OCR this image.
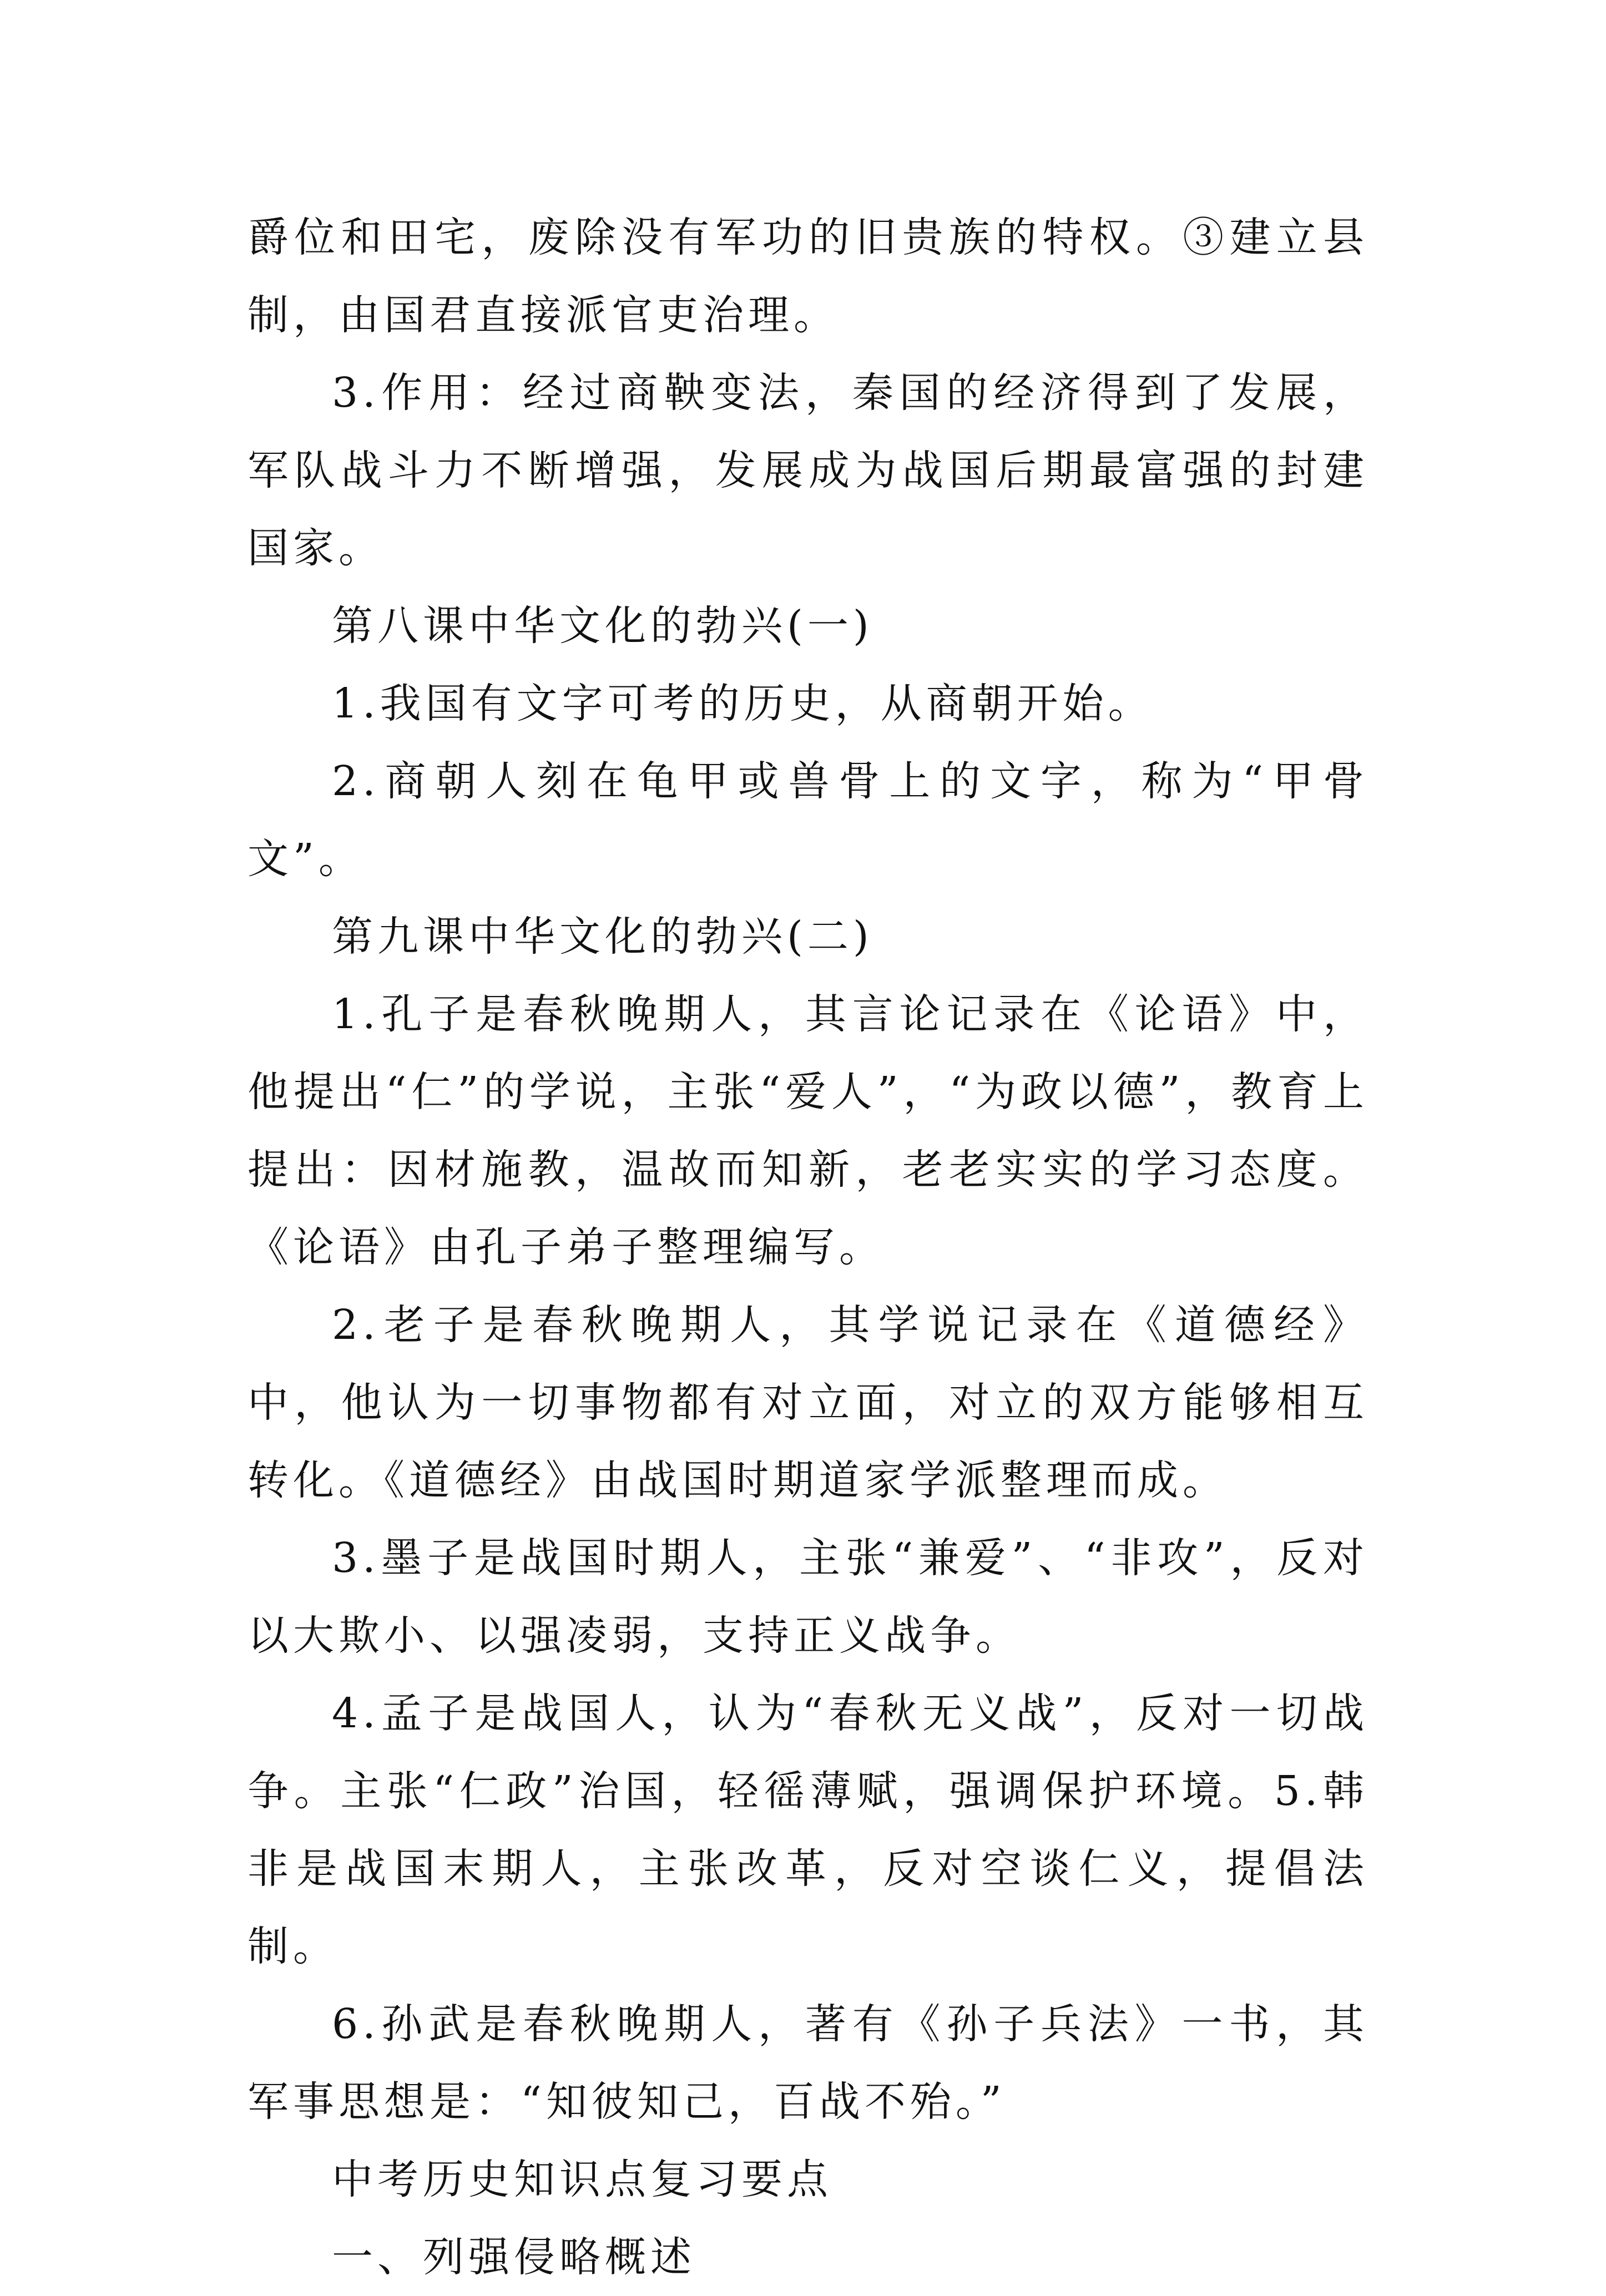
爵位和田宅，废除没有军功的旧贵族的特权。③建立县制，由国君直接派官吏治理。

3.作用：经过商鞅变法，秦国的经济得到了发展，军队战斗力不断增强，发展成为战国后期最富强的封建国家。

第八课中华文化的勃兴(一)

1.我国有文字可考的历史，从商朝开始。

2.商朝人刻在龟甲或兽骨上的文字，称为“甲骨文”。

第九课中华文化的勃兴(二)

1.孔子是春秋晚期人，其言论记录在《论语》中，他提出“仁”的学说，主张“爱人”，“为政以德”，教育上提出：因材施教，温故而知新，老老实实的学习态度。《论语》由孔子弟子整理编写。

2.老子是春秋晚期人，其学说记录在《道德经》中，他认为一切事物都有对立面，对立的双方能够相互转化。《道德经》由战国时期道家学派整理而成。

3.墨子是战国时期人，主张“兼爱”、“非攻”，反对以大欺小、以强凌弱，支持正义战争。

4.孟子是战国人，认为“春秋无义战”，反对一切战争。主张“仁政”治国，轻徭薄赋，强调保护环境。5.韩非是战国末期人，主张改革，反对空谈仁义，提倡法制。

6.孙武是春秋晚期人，著有《孙子兵法》一书，其军事思想是：“知彼知己，百战不殆。”

中考历史知识点复习要点

一、列强侵略概述
